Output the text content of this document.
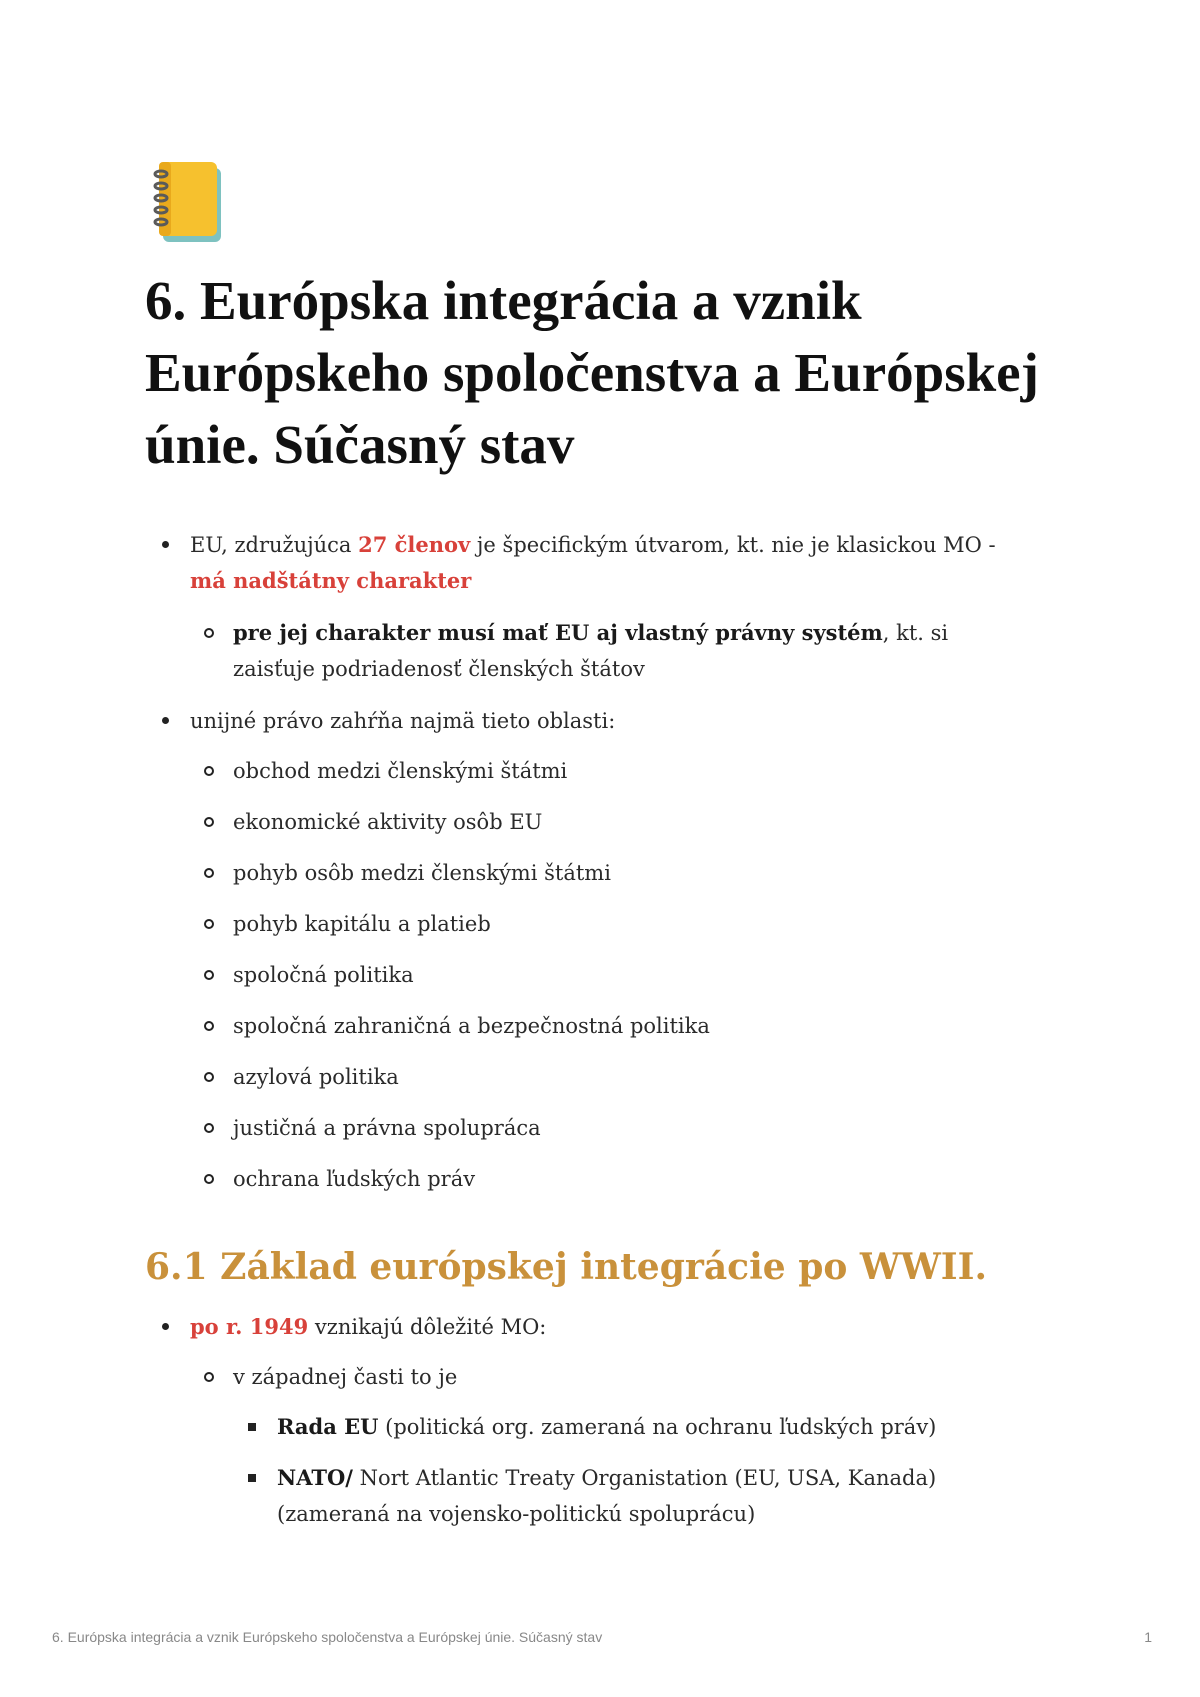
6. Európska integrácia a vznik Európskeho spoločenstva a Európskej únie. Súčasný stav
EU, združujúca 27 členov je špecifickým útvarom, kt. nie je klasickou MO - má nadštátny charakter
pre jej charakter musí mať EU aj vlastný právny systém, kt. si zaisťuje podriadenosť členských štátov
unijné právo zahŕňa najmä tieto oblasti:
obchod medzi členskými štátmi
ekonomické aktivity osôb EU
pohyb osôb medzi členskými štátmi
pohyb kapitálu a platieb
spoločná politika
spoločná zahraničná a bezpečnostná politika
azylová politika
justičná a právna spolupráca
ochrana ľudských práv
6.1 Základ európskej integrácie po WWII.
po r. 1949 vznikajú dôležité MO:
v západnej časti to je
Rada EU (politická org. zameraná na ochranu ľudských práv)
NATO/ Nort Atlantic Treaty Organistation (EU, USA, Kanada) (zameraná na vojensko-politickú spoluprácu)
6. Európska integrácia a vznik Európskeho spoločenstva a Európskej únie. Súčasný stav	1
